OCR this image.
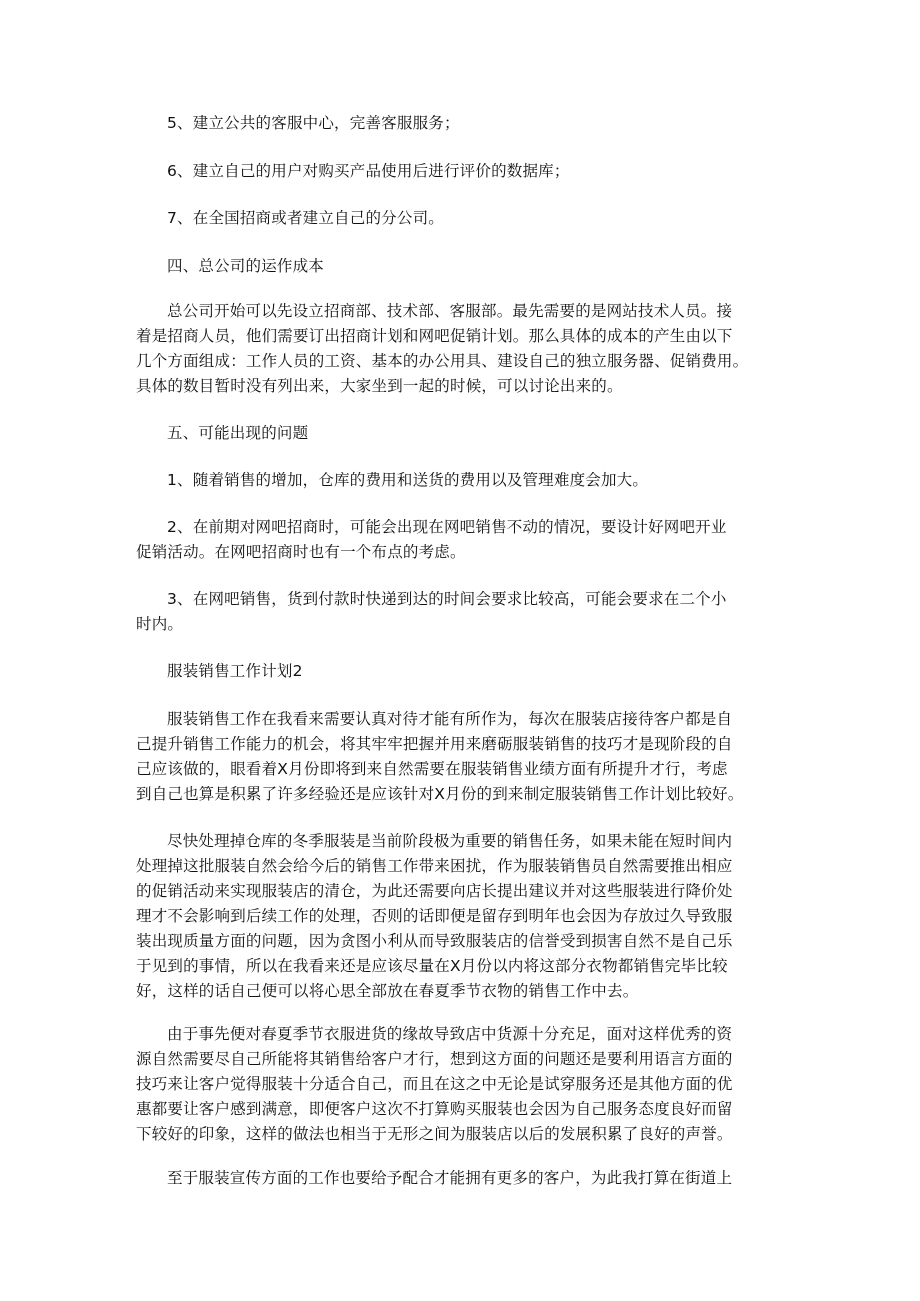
5、建立公共的客服中心，完善客服服务；
6、建立自己的用户对购买产品使用后进行评价的数据库；
7、在全国招商或者建立自己的分公司。
四、总公司的运作成本
总公司开始可以先设立招商部、技术部、客服部。最先需要的是网站技术人员。接
着是招商人员，他们需要订出招商计划和网吧促销计划。那么具体的成本的产生由以下
几个方面组成：工作人员的工资、基本的办公用具、建设自己的独立服务器、促销费用。
具体的数目暂时没有列出来，大家坐到一起的时候，可以讨论出来的。
五、可能出现的问题
1、随着销售的增加，仓库的费用和送货的费用以及管理难度会加大。
2、在前期对网吧招商时，可能会出现在网吧销售不动的情况，要设计好网吧开业
促销活动。在网吧招商时也有一个布点的考虑。
3、在网吧销售，货到付款时快递到达的时间会要求比较高，可能会要求在二个小
时内。
服装销售工作计划2
服装销售工作在我看来需要认真对待才能有所作为，每次在服装店接待客户都是自
己提升销售工作能力的机会，将其牢牢把握并用来磨砺服装销售的技巧才是现阶段的自
己应该做的，眼看着X月份即将到来自然需要在服装销售业绩方面有所提升才行，考虑
到自己也算是积累了许多经验还是应该针对X月份的到来制定服装销售工作计划比较好。
尽快处理掉仓库的冬季服装是当前阶段极为重要的销售任务，如果未能在短时间内
处理掉这批服装自然会给今后的销售工作带来困扰，作为服装销售员自然需要推出相应
的促销活动来实现服装店的清仓，为此还需要向店长提出建议并对这些服装进行降价处
理才不会影响到后续工作的处理，否则的话即便是留存到明年也会因为存放过久导致服
装出现质量方面的问题，因为贪图小利从而导致服装店的信誉受到损害自然不是自己乐
于见到的事情，所以在我看来还是应该尽量在X月份以内将这部分衣物都销售完毕比较
好，这样的话自己便可以将心思全部放在春夏季节衣物的销售工作中去。
由于事先便对春夏季节衣服进货的缘故导致店中货源十分充足，面对这样优秀的资
源自然需要尽自己所能将其销售给客户才行，想到这方面的问题还是要利用语言方面的
技巧来让客户觉得服装十分适合自己，而且在这之中无论是试穿服务还是其他方面的优
惠都要让客户感到满意，即便客户这次不打算购买服装也会因为自己服务态度良好而留
下较好的印象，这样的做法也相当于无形之间为服装店以后的发展积累了良好的声誉。
至于服装宣传方面的工作也要给予配合才能拥有更多的客户，为此我打算在街道上
